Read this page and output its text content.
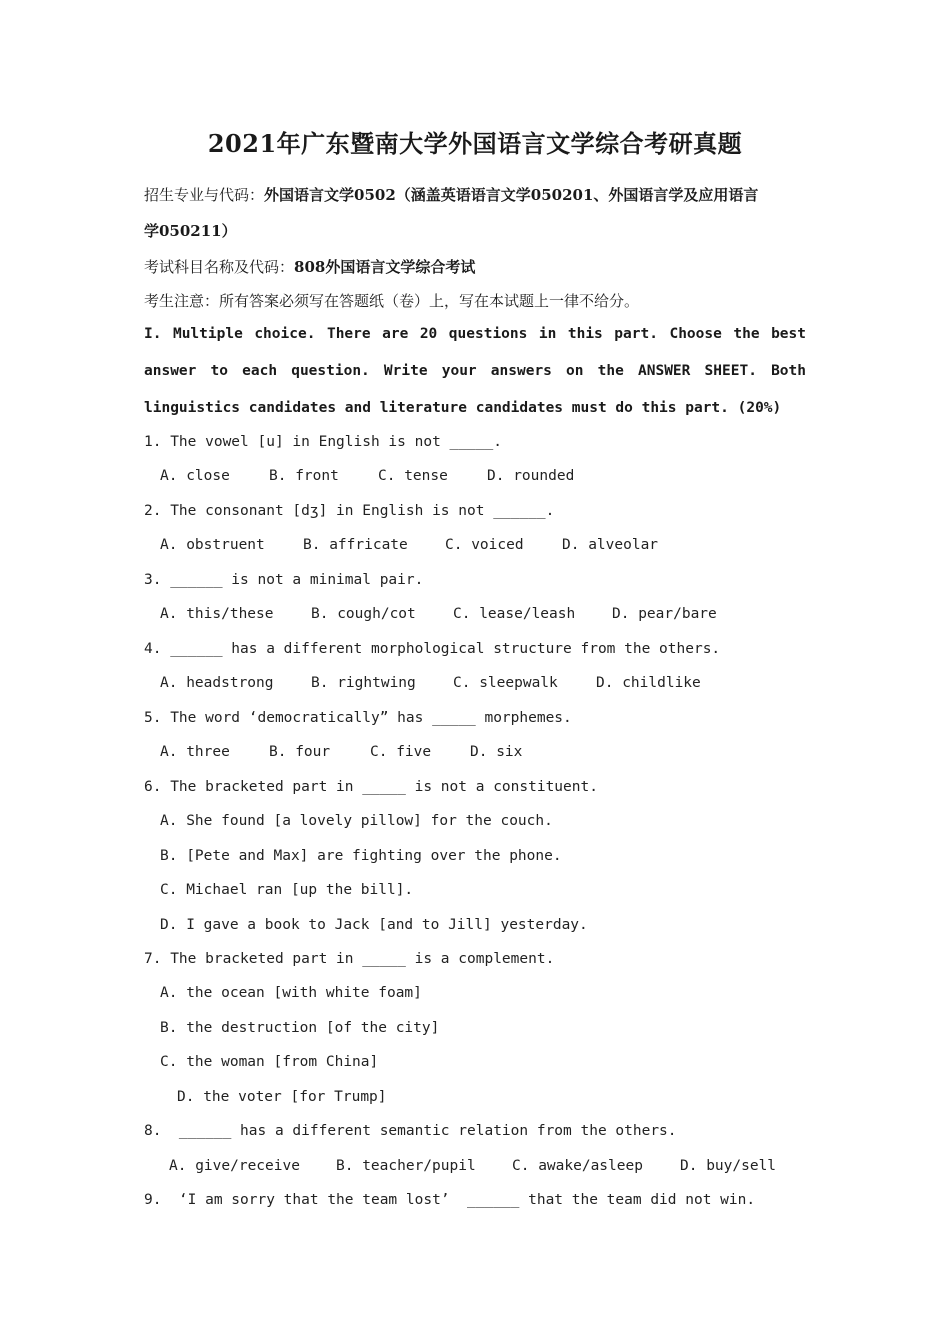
2021年广东暨南大学外国语言文学综合考研真题
招生专业与代码：外国语言文学0502（涵盖英语语言文学050201、外国语言学及应用语言
学050211）
考试科目名称及代码：808外国语言文学综合考试
考生注意：所有答案必须写在答题纸（卷）上，写在本试题上一律不给分。
I. Multiple choice. There are 20 questions in this part. Choose the best answer to each question. Write your answers on the ANSWER SHEET. Both linguistics candidates and literature candidates must do this part. (20%)
1. The vowel [u] in English is not _____.
A. close	B. front	C. tense	D. rounded
2. The consonant [dʒ] in English is not ______.
A. obstruent	B. affricate	C. voiced	D. alveolar
3. ______ is not a minimal pair.
A. this/these	B. cough/cot	C. lease/leash	D. pear/bare
4. ______ has a different morphological structure from the others.
A. headstrong	B. rightwing	C. sleepwalk	D. childlike
5. The word ‘democratically” has _____ morphemes.
A. three	B. four	C. five	D. six
6. The bracketed part in _____ is not a constituent.
A. She found [a lovely pillow] for the couch.
B. [Pete and Max] are fighting over the phone.
C. Michael ran [up the bill].
D. I gave a book to Jack [and to Jill] yesterday.
7. The bracketed part in _____ is a complement.
A. the ocean [with white foam]
B. the destruction [of the city]
C. the woman [from China]
D. the voter [for Trump]
8.  ______ has a different semantic relation from the others.
A. give/receive B. teacher/pupil	C. awake/asleep	D. buy/sell
9.  ‘I am sorry that the team lost’  ______ that the team did not win.
